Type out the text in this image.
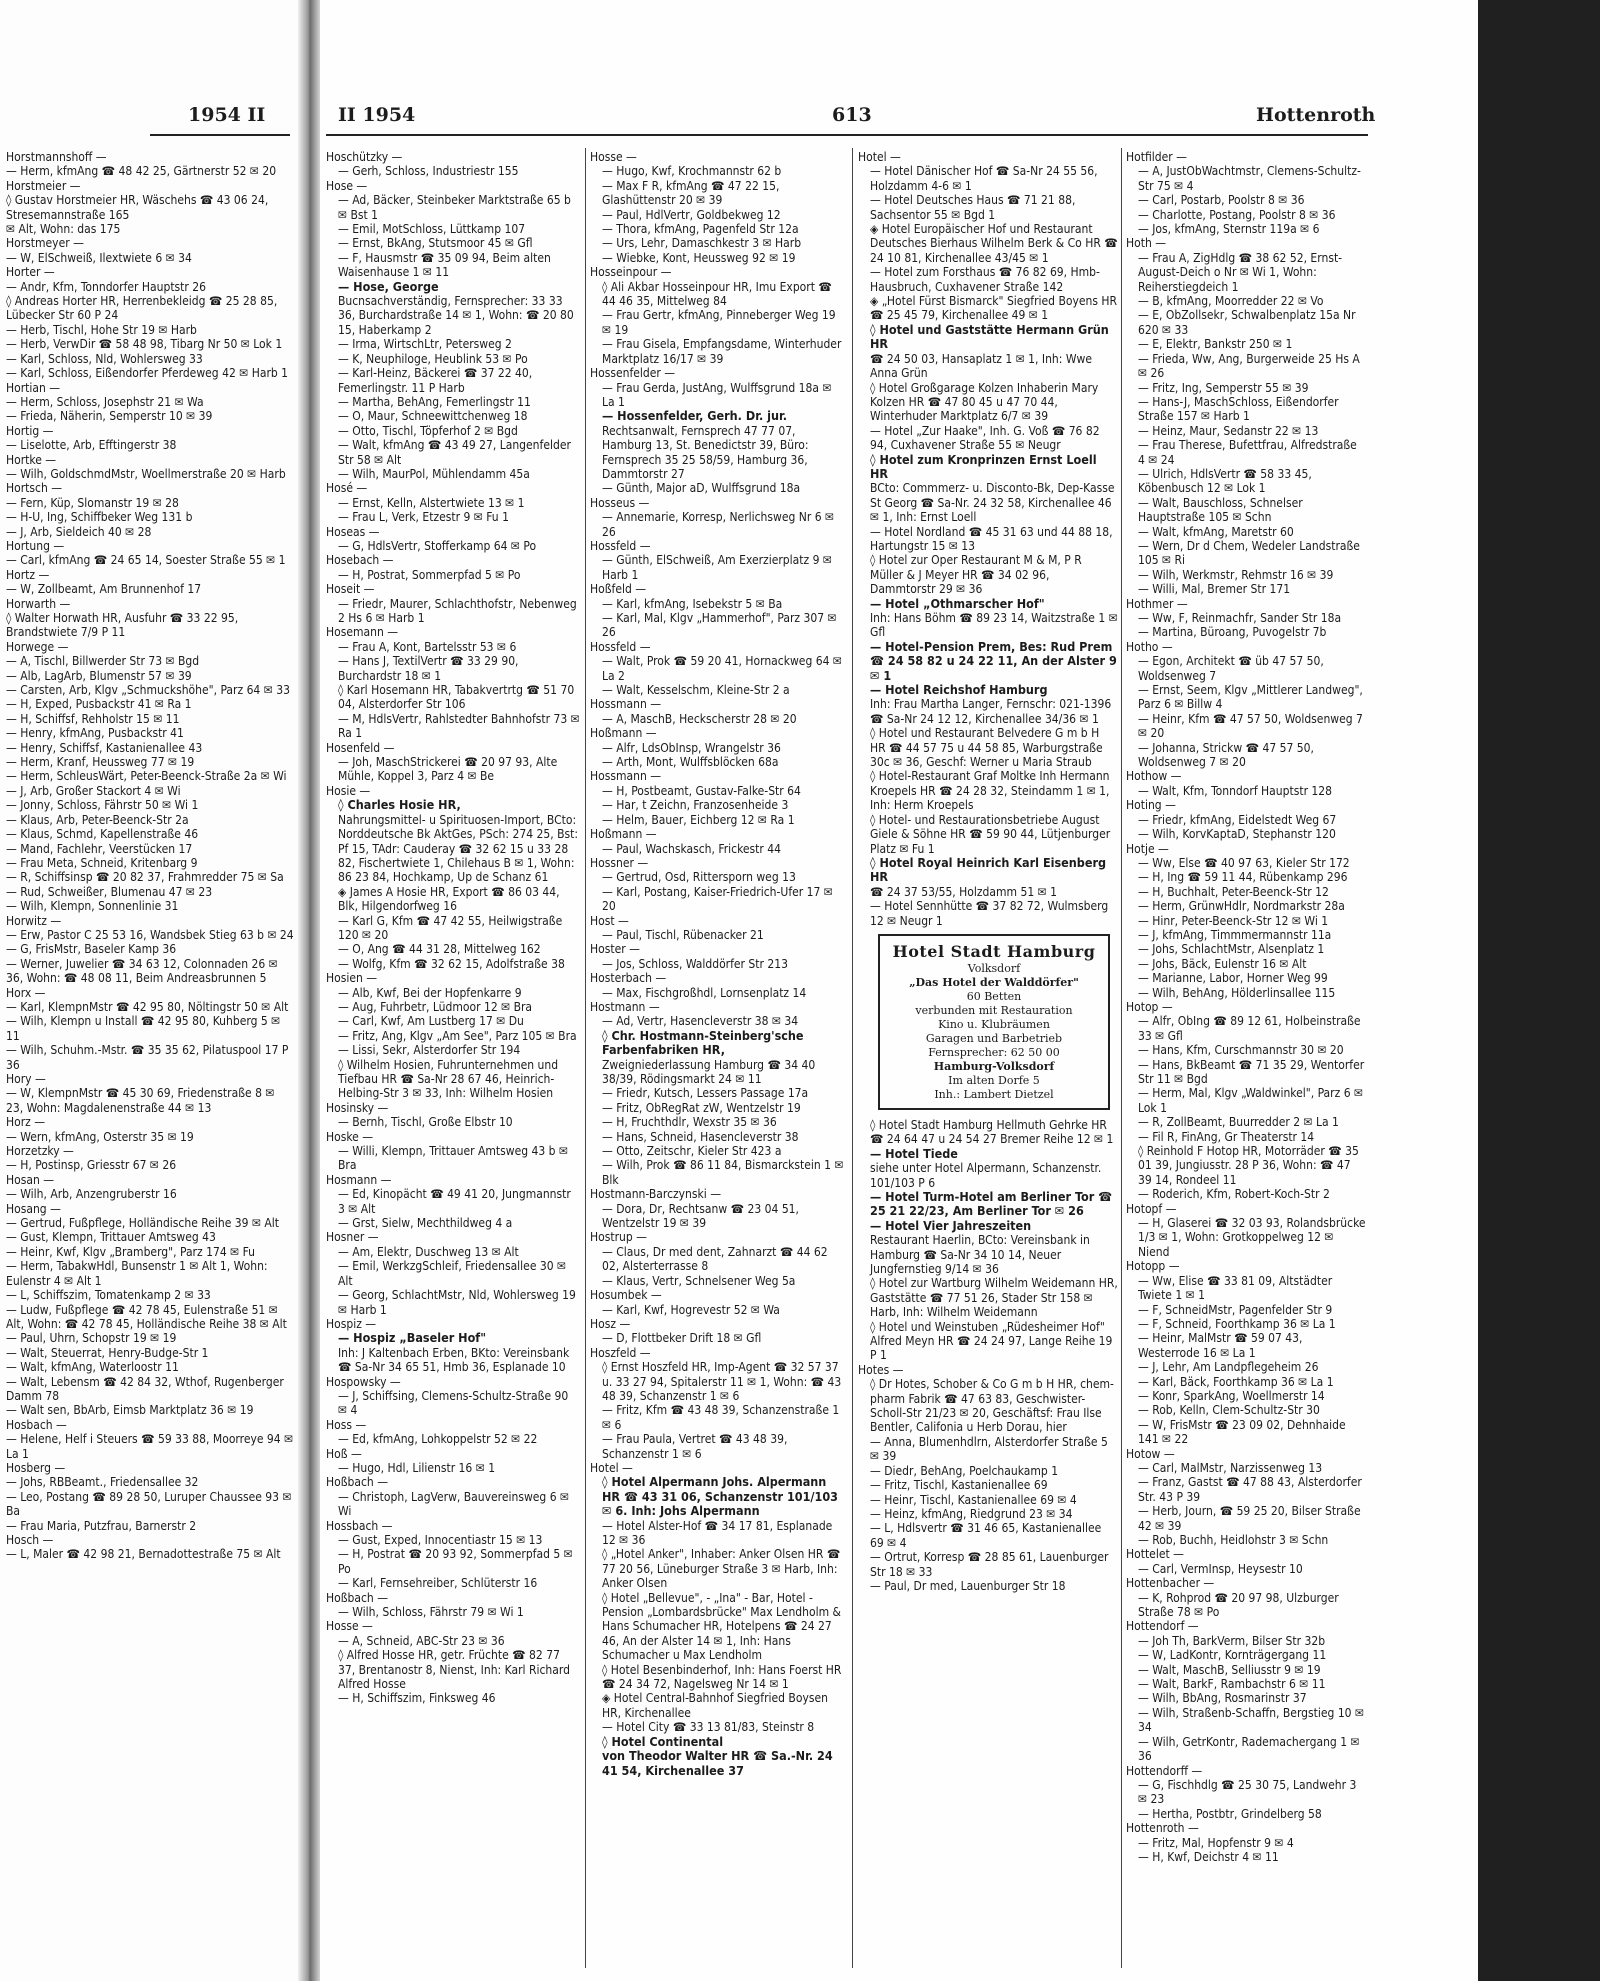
Horstmannshoff —

— Herm, kfmAng ☎ 48 42 25, Gärtnerstr 52 ✉ 20

Horstmeier —

◊ Gustav Horstmeier HR, Wäschehs ☎ 43 06 24, Stresemannstraße 165

✉ Alt, Wohn: das 175

Horstmeyer —

— W, ElSchweiß, Ilextwiete 6 ✉ 34

Horter —

— Andr, Kfm, Tonndorfer Hauptstr 26

◊ Andreas Horter HR, Herrenbekleidg ☎ 25 28 85, Lübecker Str 60 P 24

— Herb, Tischl, Hohe Str 19 ✉ Harb

— Herb, VerwDir ☎ 58 48 98, Tibarg Nr 50 ✉ Lok 1

— Karl, Schloss, Nld, Wohlersweg 33

— Karl, Schloss, Eißendorfer Pferdeweg 42 ✉ Harb 1

Hortian —

— Herm, Schloss, Josephstr 21 ✉ Wa

— Frieda, Näherin, Semperstr 10 ✉ 39

Hortig —

— Liselotte, Arb, Efftingerstr 38

Hortke —

— Wilh, GoldschmdMstr, Woellmerstraße 20 ✉ Harb

Hortsch —

— Fern, Küp, Slomanstr 19 ✉ 28

— H-U, Ing, Schiffbeker Weg 131 b

— J, Arb, Sieldeich 40 ✉ 28

Hortung —

— Carl, kfmAng ☎ 24 65 14, Soester Straße 55 ✉ 1

Hortz —

— W, Zollbeamt, Am Brunnenhof 17

Horwarth —

◊ Walter Horwath HR, Ausfuhr ☎ 33 22 95, Brandstwiete 7/9 P 11

Horwege —

— A, Tischl, Billwerder Str 73 ✉ Bgd

— Alb, LagArb, Blumenstr 57 ✉ 39

— Carsten, Arb, Klgv „Schmuckshöhe", Parz 64 ✉ 33

— H, Exped, Pusbackstr 41 ✉ Ra 1

— H, Schiffsf, Rehholstr 15 ✉ 11

— Henry, kfmAng, Pusbackstr 41

— Henry, Schiffsf, Kastanienallee 43

— Herm, Kranf, Heussweg 77 ✉ 19

— Herm, SchleusWärt, Peter-Beenck-Straße 2a ✉ Wi

— J, Arb, Großer Stackort 4 ✉ Wi

— Jonny, Schloss, Fährstr 50 ✉ Wi 1

— Klaus, Arb, Peter-Beenck-Str 2a

— Klaus, Schmd, Kapellenstraße 46

— Mand, Fachlehr, Veerstücken 17

— Frau Meta, Schneid, Kritenbarg 9

— R, Schiffsinsp ☎ 20 82 37, Frahmredder 75 ✉ Sa

— Rud, Schweißer, Blumenau 47 ✉ 23

— Wilh, Klempn, Sonnenlinie 31

Horwitz —

— Erw, Pastor C 25 53 16, Wandsbek Stieg 63 b ✉ 24

— G, FrisMstr, Baseler Kamp 36

— Werner, Juwelier ☎ 34 63 12, Colonnaden 26 ✉ 36, Wohn: ☎ 48 08 11, Beim Andreasbrunnen 5

Horx —

— Karl, KlempnMstr ☎ 42 95 80, Nöltingstr 50 ✉ Alt

— Wilh, Klempn u Install ☎ 42 95 80, Kuhberg 5 ✉ 11

— Wilh, Schuhm.-Mstr. ☎ 35 35 62, Pilatuspool 17 P 36

Hory —

— W, KlempnMstr ☎ 45 30 69, Friedenstraße 8 ✉ 23, Wohn: Magdalenenstraße 44 ✉ 13

Horz —

— Wern, kfmAng, Osterstr 35 ✉ 19

Horzetzky —

— H, Postinsp, Griesstr 67 ✉ 26

Hosan —

— Wilh, Arb, Anzengruberstr 16

Hosang —

— Gertrud, Fußpflege, Holländische Reihe 39 ✉ Alt

— Gust, Klempn, Trittauer Amtsweg 43

— Heinr, Kwf, Klgv „Bramberg", Parz 174 ✉ Fu

— Herm, TabakwHdl, Bunsenstr 1 ✉ Alt 1, Wohn: Eulenstr 4 ✉ Alt 1

— L, Schiffszim, Tomatenkamp 2 ✉ 33

— Ludw, Fußpflege ☎ 42 78 45, Eulenstraße 51 ✉ Alt, Wohn: ☎ 42 78 45, Holländische Reihe 38 ✉ Alt

— Paul, Uhrn, Schopstr 19 ✉ 19

— Walt, Steuerrat, Henry-Budge-Str 1

— Walt, kfmAng, Waterloostr 11

— Walt, Lebensm ☎ 42 84 32, Wthof, Rugenberger Damm 78

— Walt sen, BbArb, Eimsb Marktplatz 36 ✉ 19

Hosbach —

— Helene, Helf i Steuers ☎ 59 33 88, Moorreye 94 ✉ La 1

Hosberg —

— Johs, RBBeamt., Friedensallee 32

— Leo, Postang ☎ 89 28 50, Luruper Chaussee 93 ✉ Ba

— Frau Maria, Putzfrau, Barnerstr 2

Hosch —

— L, Maler ☎ 42 98 21, Bernadottestraße 75 ✉ Alt

1954 II	II 1954	613	Hottenroth

Hoschützky —

— Gerh, Schloss, Industriestr 155

Hose —

— Ad, Bäcker, Steinbeker Marktstraße 65 b ✉ Bst 1

— Emil, MotSchloss, Lüttkamp 107

— Ernst, BkAng, Stutsmoor 45 ✉ Gfl

— F, Hausmstr ☎ 35 09 94, Beim alten Waisenhause 1 ✉ 11

— Hose, George

Bucnsachverständig, Fernsprecher: 33 33 36, Burchardstraße 14 ✉ 1, Wohn: ☎ 20 80 15, Haberkamp 2

— Irma, WirtschLtr, Petersweg 2

— K, Neuphiloge, Heublink 53 ✉ Po

— Karl-Heinz, Bäckerei ☎ 37 22 40, Femerlingstr. 11 P Harb

— Martha, BehAng, Femerlingstr 11

— O, Maur, Schneewittchenweg 18

— Otto, Tischl, Töpferhof 2 ✉ Bgd

— Walt, kfmAng ☎ 43 49 27, Langenfelder Str 58 ✉ Alt

— Wilh, MaurPol, Mühlendamm 45a

Hosé —

— Ernst, Kelln, Alstertwiete 13 ✉ 1

— Frau L, Verk, Etzestr 9 ✉ Fu 1

Hoseas —

— G, HdlsVertr, Stofferkamp 64 ✉ Po

Hosebach —

— H, Postrat, Sommerpfad 5 ✉ Po

Hoseit —

— Friedr, Maurer, Schlachthofstr, Nebenweg 2 Hs 6 ✉ Harb 1

Hosemann —

— Frau A, Kont, Bartelsstr 53 ✉ 6

— Hans J, TextilVertr ☎ 33 29 90, Burchardstr 18 ✉ 1

◊ Karl Hosemann HR, Tabakvertrtg ☎ 51 70 04, Alsterdorfer Str 106

— M, HdlsVertr, Rahlstedter Bahnhofstr 73 ✉ Ra 1

Hosenfeld —

— Joh, MaschStrickerei ☎ 20 97 93, Alte Mühle, Koppel 3, Parz 4 ✉ Be

Hosie —

◊ Charles Hosie HR,

Nahrungsmittel- u Spirituosen-Import, BCto: Norddeutsche Bk AktGes, PSch: 274 25, Bst: Pf 15, TAdr: Cauderay ☎ 32 62 15 u 33 28 82, Fischertwiete 1, Chilehaus B ✉ 1, Wohn: 86 23 84, Hochkamp, Up de Schanz 61

◈ James A Hosie HR, Export ☎ 86 03 44, Blk, Hilgendorfweg 16

— Karl G, Kfm ☎ 47 42 55, Heilwigstraße 120 ✉ 20

— O, Ang ☎ 44 31 28, Mittelweg 162

— Wolfg, Kfm ☎ 32 62 15, Adolfstraße 38

Hosien —

— Alb, Kwf, Bei der Hopfenkarre 9

— Aug, Fuhrbetr, Lüdmoor 12 ✉ Bra

— Carl, Kwf, Am Lustberg 17 ✉ Du

— Fritz, Ang, Klgv „Am See", Parz 105 ✉ Bra

— Lissi, Sekr, Alsterdorfer Str 194

◊ Wilhelm Hosien, Fuhrunternehmen und Tiefbau HR ☎ Sa-Nr 28 67 46, Heinrich-Helbing-Str 3 ✉ 33, Inh: Wilhelm Hosien

Hosinsky —

— Bernh, Tischl, Große Elbstr 10

Hoske —

— Willi, Klempn, Trittauer Amtsweg 43 b ✉ Bra

Hosmann —

— Ed, Kinopächt ☎ 49 41 20, Jungmannstr 3 ✉ Alt

— Grst, Sielw, Mechthildweg 4 a

Hosner —

— Am, Elektr, Duschweg 13 ✉ Alt

— Emil, WerkzgSchleif, Friedensallee 30 ✉ Alt

— Georg, SchlachtMstr, Nld, Wohlersweg 19 ✉ Harb 1

Hospiz —

— Hospiz „Baseler Hof"

Inh: J Kaltenbach Erben, BKto: Vereinsbank ☎ Sa-Nr 34 65 51, Hmb 36, Esplanade 10

Hospowsky —

— J, Schiffsing, Clemens-Schultz-Straße 90 ✉ 4

Hoss —

— Ed, kfmAng, Lohkoppelstr 52 ✉ 22

Hoß —

— Hugo, Hdl, Lilienstr 16 ✉ 1

Hoßbach —

— Christoph, LagVerw, Bauvereinsweg 6 ✉ Wi

Hossbach —

— Gust, Exped, Innocentiastr 15 ✉ 13

— H, Postrat ☎ 20 93 92, Sommerpfad 5 ✉ Po

— Karl, Fernsehreiber, Schlüterstr 16

Hoßbach —

— Wilh, Schloss, Fährstr 79 ✉ Wi 1

Hosse —

— A, Schneid, ABC-Str 23 ✉ 36

◊ Alfred Hosse HR, getr. Früchte ☎ 82 77 37, Brentanostr 8, Nienst, Inh: Karl Richard Alfred Hosse

— H, Schiffszim, Finksweg 46

Hosse —

— Hugo, Kwf, Krochmannstr 62 b

— Max F R, kfmAng ☎ 47 22 15, Glashüttenstr 20 ✉ 39

— Paul, HdlVertr, Goldbekweg 12

— Thora, kfmAng, Pagenfeld Str 12a

— Urs, Lehr, Damaschkestr 3 ✉ Harb

— Wiebke, Kont, Heussweg 92 ✉ 19

Hosseinpour —

◊ Ali Akbar Hosseinpour HR, Imu Export ☎ 44 46 35, Mittelweg 84

— Frau Gertr, kfmAng, Pinneberger Weg 19 ✉ 19

— Frau Gisela, Empfangsdame, Winterhuder Marktplatz 16/17 ✉ 39

Hossenfelder —

— Frau Gerda, JustAng, Wulffsgrund 18a ✉ La 1

— Hossenfelder, Gerh. Dr. jur.

Rechtsanwalt, Fernsprech 47 77 07, Hamburg 13, St. Benedictstr 39, Büro: Fernsprech 35 25 58/59, Hamburg 36, Dammtorstr 27

— Günth, Major aD, Wulffsgrund 18a

Hosseus —

— Annemarie, Korresp, Nerlichsweg Nr 6 ✉ 26

Hossfeld —

— Günth, ElSchweiß, Am Exerzierplatz 9 ✉ Harb 1

Hoßfeld —

— Karl, kfmAng, Isebekstr 5 ✉ Ba

— Karl, Mal, Klgv „Hammerhof", Parz 307 ✉ 26

Hossfeld —

— Walt, Prok ☎ 59 20 41, Hornackweg 64 ✉ La 2

— Walt, Kesselschm, Kleine-Str 2 a

Hossmann —

— A, MaschB, Heckscherstr 28 ✉ 20

Hoßmann —

— Alfr, LdsObInsp, Wrangelstr 36

— Arth, Mont, Wulffsblöcken 68a

Hossmann —

— H, Postbeamt, Gustav-Falke-Str 64

— Har, t Zeichn, Franzosenheide 3

— Helm, Bauer, Eichberg 12 ✉ Ra 1

Hoßmann —

— Paul, Wachskasch, Frickestr 44

Hossner —

— Gertrud, Osd, Rittersporn weg 13

— Karl, Postang, Kaiser-Friedrich-Ufer 17 ✉ 20

Host —

— Paul, Tischl, Rübenacker 21

Hoster —

— Jos, Schloss, Walddörfer Str 213

Hosterbach —

— Max, Fischgroßhdl, Lornsenplatz 14

Hostmann —

— Ad, Vertr, Hasencleverstr 38 ✉ 34

◊ Chr. Hostmann-Steinberg'sche Farbenfabriken HR,

Zweigniederlassung Hamburg ☎ 34 40 38/39, Rödingsmarkt 24 ✉ 11

— Friedr, Kutsch, Lessers Passage 17a

— Fritz, ObRegRat zW, Wentzelstr 19

— H, Fruchthdlr, Wexstr 35 ✉ 36

— Hans, Schneid, Hasencleverstr 38

— Otto, Zeitschr, Kieler Str 423 a

— Wilh, Prok ☎ 86 11 84, Bismarckstein 1 ✉ Blk

Hostmann-Barczynski —

— Dora, Dr, Rechtsanw ☎ 23 04 51, Wentzelstr 19 ✉ 39

Hostrup —

— Claus, Dr med dent, Zahnarzt ☎ 44 62 02, Alsterterrasse 8

— Klaus, Vertr, Schnelsener Weg 5a

Hosumbek —

— Karl, Kwf, Hogrevestr 52 ✉ Wa

Hosz —

— D, Flottbeker Drift 18 ✉ Gfl

Hoszfeld —

◊ Ernst Hoszfeld HR, Imp-Agent ☎ 32 57 37 u. 33 27 94, Spitalerstr 11 ✉ 1, Wohn: ☎ 43 48 39, Schanzenstr 1 ✉ 6

— Fritz, Kfm ☎ 43 48 39, Schanzenstraße 1 ✉ 6

— Frau Paula, Vertret ☎ 43 48 39, Schanzenstr 1 ✉ 6

Hotel —

◊ Hotel Alpermann Johs. Alpermann HR ☎ 43 31 06, Schanzenstr 101/103 ✉ 6. Inh: Johs Alpermann

— Hotel Alster-Hof ☎ 34 17 81, Esplanade 12 ✉ 36

◊ „Hotel Anker", Inhaber: Anker Olsen HR ☎ 77 20 56, Lüneburger Straße 3 ✉ Harb, Inh: Anker Olsen

◊ Hotel „Bellevue", - „Ina" - Bar, Hotel - Pension „Lombardsbrücke" Max Lendholm & Hans Schumacher HR, Hotelpens ☎ 24 27 46, An der Alster 14 ✉ 1, Inh: Hans Schumacher u Max Lendholm

◊ Hotel Besenbinderhof, Inh: Hans Foerst HR ☎ 24 34 72, Nagelsweg Nr 14 ✉ 1

◈ Hotel Central-Bahnhof Siegfried Boysen HR, Kirchenallee

— Hotel City ☎ 33 13 81/83, Steinstr 8

◊ Hotel Continental

von Theodor Walter HR ☎ Sa.-Nr. 24 41 54, Kirchenallee 37

Hotel —

— Hotel Dänischer Hof ☎ Sa-Nr 24 55 56, Holzdamm 4-6 ✉ 1

— Hotel Deutsches Haus ☎ 71 21 88, Sachsentor 55 ✉ Bgd 1

◈ Hotel Europäischer Hof und Restaurant Deutsches Bierhaus Wilhelm Berk & Co HR ☎ 24 10 81, Kirchenallee 43/45 ✉ 1

— Hotel zum Forsthaus ☎ 76 82 69, Hmb-Hausbruch, Cuxhavener Straße 142

◈ „Hotel Fürst Bismarck" Siegfried Boyens HR ☎ 25 45 79, Kirchenallee 49 ✉ 1

◊ Hotel und Gaststätte Hermann Grün HR

☎ 24 50 03, Hansaplatz 1 ✉ 1, Inh: Wwe Anna Grün

◊ Hotel Großgarage Kolzen Inhaberin Mary Kolzen HR ☎ 47 80 45 u 47 70 44, Winterhuder Marktplatz 6/7 ✉ 39

— Hotel „Zur Haake", Inh. G. Voß ☎ 76 82 94, Cuxhavener Straße 55 ✉ Neugr

◊ Hotel zum Kronprinzen Ernst Loell HR

BCto: Commmerz- u. Disconto-Bk, Dep-Kasse St Georg ☎ Sa-Nr. 24 32 58, Kirchenallee 46 ✉ 1, Inh: Ernst Loell

— Hotel Nordland ☎ 45 31 63 und 44 88 18, Hartungstr 15 ✉ 13

◊ Hotel zur Oper Restaurant M & M, P R Müller & J Meyer HR ☎ 34 02 96, Dammtorstr 29 ✉ 36

— Hotel „Othmarscher Hof"

Inh: Hans Böhm ☎ 89 23 14, Waitzstraße 1 ✉ Gfl

— Hotel-Pension Prem, Bes: Rud Prem ☎ 24 58 82 u 24 22 11, An der Alster 9 ✉ 1

— Hotel Reichshof Hamburg

Inh: Frau Martha Langer, Fernschr: 021-1396 ☎ Sa-Nr 24 12 12, Kirchenallee 34/36 ✉ 1

◊ Hotel und Restaurant Belvedere G m b H HR ☎ 44 57 75 u 44 58 85, Warburgstraße 30c ✉ 36, Geschf: Werner u Maria Straub

◊ Hotel-Restaurant Graf Moltke Inh Hermann Kroepels HR ☎ 24 28 32, Steindamm 1 ✉ 1, Inh: Herm Kroepels

◊ Hotel- und Restaurationsbetriebe August Giele & Söhne HR ☎ 59 90 44, Lütjenburger Platz ✉ Fu 1

◊ Hotel Royal Heinrich Karl Eisenberg HR

☎ 24 37 53/55, Holzdamm 51 ✉ 1

— Hotel Sennhütte ☎ 37 82 72, Wulmsberg 12 ✉ Neugr 1

Hotel Stadt Hamburg
Volksdorf
„Das Hotel der Walddörfer"
60 Betten
verbunden mit Restauration
Kino u. Klubräumen
Garagen und Barbetrieb
Fernsprecher: 62 50 00
Hamburg-Volksdorf
Im alten Dorfe 5
Inh.: Lambert Dietzel

◊ Hotel Stadt Hamburg Hellmuth Gehrke HR ☎ 24 64 47 u 24 54 27 Bremer Reihe 12 ✉ 1

— Hotel Tiede

siehe unter Hotel Alpermann, Schanzenstr. 101/103 P 6

— Hotel Turm-Hotel am Berliner Tor ☎ 25 21 22/23, Am Berliner Tor ✉ 26

— Hotel Vier Jahreszeiten

Restaurant Haerlin, BCto: Vereinsbank in Hamburg ☎ Sa-Nr 34 10 14, Neuer Jungfernstieg 9/14 ✉ 36

◊ Hotel zur Wartburg Wilhelm Weidemann HR, Gaststätte ☎ 77 51 26, Stader Str 158 ✉ Harb, Inh: Wilhelm Weidemann

◊ Hotel und Weinstuben „Rüdesheimer Hof" Alfred Meyn HR ☎ 24 24 97, Lange Reihe 19 P 1

Hotes —

◊ Dr Hotes, Schober & Co G m b H HR, chem-pharm Fabrik ☎ 47 63 83, Geschwister-Scholl-Str 21/23 ✉ 20, Geschäftsf: Frau Ilse Bentler, Califonia u Herb Dorau, hier

— Anna, Blumenhdlrn, Alsterdorfer Straße 5 ✉ 39

— Diedr, BehAng, Poelchaukamp 1

— Fritz, Tischl, Kastanienallee 69

— Heinr, Tischl, Kastanienallee 69 ✉ 4

— Heinz, kfmAng, Riedgrund 23 ✉ 34

— L, Hdlsvertr ☎ 31 46 65, Kastanienallee 69 ✉ 4

— Ortrut, Korresp ☎ 28 85 61, Lauenburger Str 18 ✉ 33

— Paul, Dr med, Lauenburger Str 18

Hotfilder —

— A, JustObWachtmstr, Clemens-Schultz-Str 75 ✉ 4

— Carl, Postarb, Poolstr 8 ✉ 36

— Charlotte, Postang, Poolstr 8 ✉ 36

— Jos, kfmAng, Sternstr 119a ✉ 6

Hoth —

— Frau A, ZigHdlg ☎ 38 62 52, Ernst-August-Deich o Nr ✉ Wi 1, Wohn: Reiherstiegdeich 1

— B, kfmAng, Moorredder 22 ✉ Vo

— E, ObZollsekr, Schwalbenplatz 15a Nr 620 ✉ 33

— E, Elektr, Bankstr 250 ✉ 1

— Frieda, Ww, Ang, Burgerweide 25 Hs A ✉ 26

— Fritz, Ing, Semperstr 55 ✉ 39

— Hans-J, MaschSchloss, Eißendorfer Straße 157 ✉ Harb 1

— Heinz, Maur, Sedanstr 22 ✉ 13

— Frau Therese, Bufettfrau, Alfredstraße 4 ✉ 24

— Ulrich, HdlsVertr ☎ 58 33 45, Köbenbusch 12 ✉ Lok 1

— Walt, Bauschloss, Schnelser Hauptstraße 105 ✉ Schn

— Walt, kfmAng, Maretstr 60

— Wern, Dr d Chem, Wedeler Landstraße 105 ✉ Ri

— Wilh, Werkmstr, Rehmstr 16 ✉ 39

— Willi, Mal, Bremer Str 171

Hothmer —

— Ww, F, Reinmachfr, Sander Str 18a

— Martina, Büroang, Puvogelstr 7b

Hotho —

— Egon, Architekt ☎ üb 47 57 50, Woldsenweg 7

— Ernst, Seem, Klgv „Mittlerer Landweg", Parz 6 ✉ Billw 4

— Heinr, Kfm ☎ 47 57 50, Woldsenweg 7 ✉ 20

— Johanna, Strickw ☎ 47 57 50, Woldsenweg 7 ✉ 20

Hothow —

— Walt, Kfm, Tonndorf Hauptstr 128

Hoting —

— Friedr, kfmAng, Eidelstedt Weg 67

— Wilh, KorvKaptaD, Stephanstr 120

Hotje —

— Ww, Else ☎ 40 97 63, Kieler Str 172

— H, Ing ☎ 59 11 44, Rübenkamp 296

— H, Buchhalt, Peter-Beenck-Str 12

— Herm, GrünwHdlr, Nordmarkstr 28a

— Hinr, Peter-Beenck-Str 12 ✉ Wi 1

— J, kfmAng, Timmmermannstr 11a

— Johs, SchlachtMstr, Alsenplatz 1

— Johs, Bäck, Eulenstr 16 ✉ Alt

— Marianne, Labor, Horner Weg 99

— Wilh, BehAng, Hölderlinsallee 115

Hotop —

— Alfr, ObIng ☎ 89 12 61, Holbeinstraße 33 ✉ Gfl

— Hans, Kfm, Curschmannstr 30 ✉ 20

— Hans, BkBeamt ☎ 71 35 29, Wentorfer Str 11 ✉ Bgd

— Herm, Mal, Klgv „Waldwinkel", Parz 6 ✉ Lok 1

— R, ZollBeamt, Buurredder 2 ✉ La 1

— Fil R, FinAng, Gr Theaterstr 14

◊ Reinhold F Hotop HR, Motorräder ☎ 35 01 39, Jungiusstr. 28 P 36, Wohn: ☎ 47 39 14, Rondeel 11

— Roderich, Kfm, Robert-Koch-Str 2

Hotopf —

— H, Glaserei ☎ 32 03 93, Rolandsbrücke 1/3 ✉ 1, Wohn: Grotkoppelweg 12 ✉ Niend

Hotopp —

— Ww, Elise ☎ 33 81 09, Altstädter Twiete 1 ✉ 1

— F, SchneidMstr, Pagenfelder Str 9

— F, Schneid, Foorthkamp 36 ✉ La 1

— Heinr, MalMstr ☎ 59 07 43, Westerrode 16 ✉ La 1

— J, Lehr, Am Landpflegeheim 26

— Karl, Bäck, Foorthkamp 36 ✉ La 1

— Konr, SparkAng, Woellmerstr 14

— Rob, Kelln, Clem-Schultz-Str 30

— W, FrisMstr ☎ 23 09 02, Dehnhaide 141 ✉ 22

Hotow —

— Carl, MalMstr, Narzissenweg 13

— Franz, Gastst ☎ 47 88 43, Alsterdorfer Str. 43 P 39

— Herb, Journ, ☎ 59 25 20, Bilser Straße 42 ✉ 39

— Rob, Buchh, Heidlohstr 3 ✉ Schn

Hottelet —

— Carl, VermInsp, Heysestr 10

Hottenbacher —

— K, Rohprod ☎ 20 97 98, Ulzburger Straße 78 ✉ Po

Hottendorf —

— Joh Th, BarkVerm, Bilser Str 32b

— W, LadKontr, Kornträgergang 11

— Walt, MaschB, Selliusstr 9 ✉ 19

— Walt, BarkF, Rambachstr 6 ✉ 11

— Wilh, BbAng, Rosmarinstr 37

— Wilh, Straßenb-Schaffn, Bergstieg 10 ✉ 34

— Wilh, GetrKontr, Rademachergang 1 ✉ 36

Hottendorff —

— G, Fischhdlg ☎ 25 30 75, Landwehr 3 ✉ 23

— Hertha, Postbtr, Grindelberg 58

Hottenroth —

— Fritz, Mal, Hopfenstr 9 ✉ 4

— H, Kwf, Deichstr 4 ✉ 11
